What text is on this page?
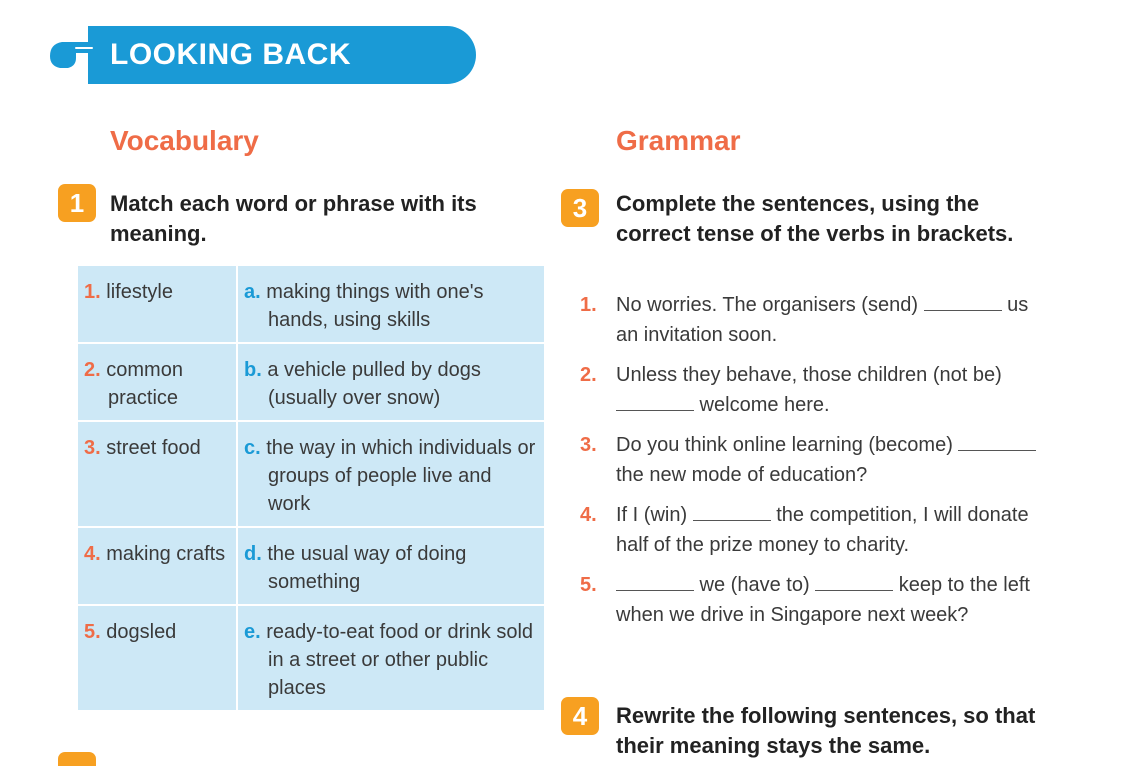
LOOKING BACK
Vocabulary
1	Match each word or phrase with its meaning.
1. lifestyle	a. making things with one's hands, using skills

2. common practice	b. a vehicle pulled by dogs (usually over snow)

3. street food	c. the way in which individuals or groups of people live and work

4. making crafts	d. the usual way of doing something

5. dogsled	e. ready-to-eat food or drink sold in a street or other public places
Grammar
3	Complete the sentences, using the correct tense of the verbs in brackets.
1. No worries. The organisers (send)	us an invitation soon.
2. Unless they behave, those children (not be)  welcome here.
3. Do you think online learning (become)  the new mode of education?
4. If I (win)	the competition, I will donate half of the prize money to charity.
5.	we (have to)	keep to the left when we drive in Singapore next week?
4	Rewrite the following sentences, so that their meaning stays the same.
